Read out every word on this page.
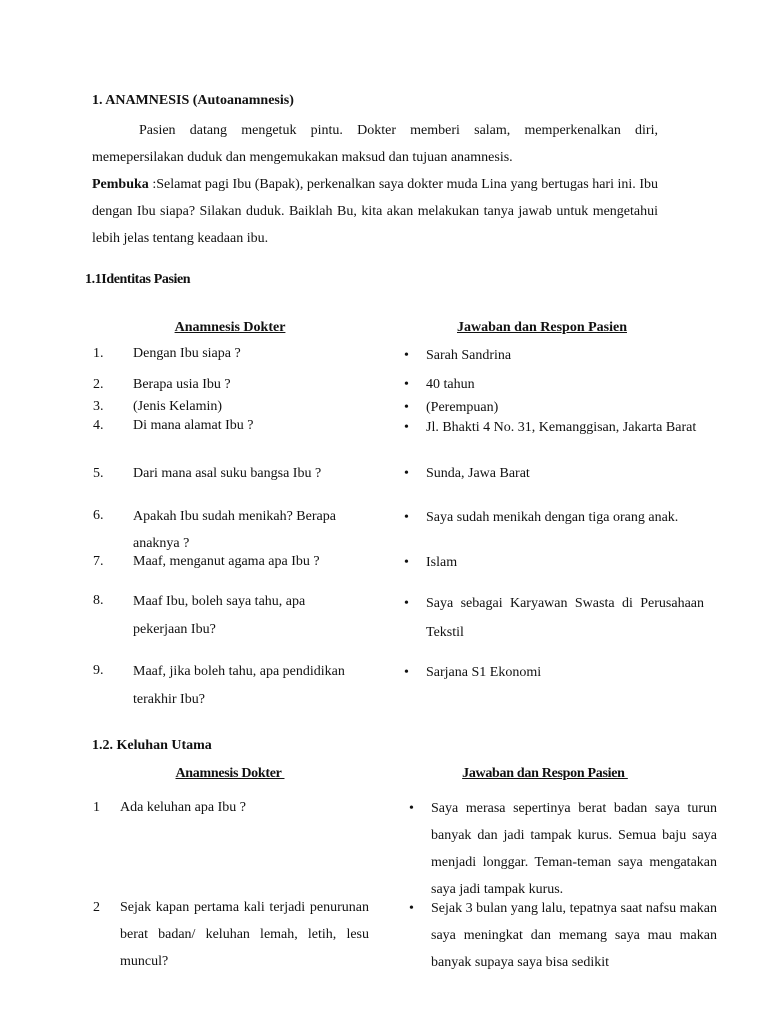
1. ANAMNESIS (Autoanamnesis)
Pasien datang mengetuk pintu. Dokter memberi salam, memperkenalkan diri, memepersilakan duduk dan mengemukakan maksud dan tujuan anamnesis.
Pembuka :Selamat pagi Ibu (Bapak), perkenalkan saya dokter muda Lina yang bertugas hari ini. Ibu dengan Ibu siapa? Silakan duduk. Baiklah Bu, kita akan melakukan tanya jawab untuk mengetahui lebih jelas tentang keadaan ibu.
1.1Identitas Pasien
Anamnesis Dokter	Jawaban dan Respon Pasien
1. Dengan Ibu siapa ?	• Sarah Sandrina
2. Berapa usia Ibu ?	• 40 tahun
3. (Jenis Kelamin)	• (Perempuan)
4. Di mana alamat Ibu ?	• Jl. Bhakti 4 No. 31, Kemanggisan, Jakarta Barat
5. Dari mana asal suku bangsa Ibu ?	• Sunda, Jawa Barat
6. Apakah Ibu sudah menikah? Berapa anaknya ?
• Saya sudah menikah dengan tiga orang anak.
7. Maaf, menganut agama apa Ibu ?	• Islam
8. Maaf Ibu, boleh saya tahu, apa pekerjaan Ibu?
• Saya sebagai Karyawan Swasta di Perusahaan Tekstil
9. Maaf, jika boleh tahu, apa pendidikan terakhir Ibu?
• Sarjana S1 Ekonomi
1.2. Keluhan Utama
Anamnesis Dokter	Jawaban dan Respon Pasien
1 Ada keluhan apa Ibu ?	• Saya merasa sepertinya berat badan saya turun banyak dan jadi tampak kurus. Semua baju saya menjadi longgar. Teman-teman saya mengatakan saya jadi tampak kurus.
2 Sejak kapan pertama kali terjadi penurunan berat badan/ keluhan lemah, letih, lesu muncul?
• Sejak 3 bulan yang lalu, tepatnya saat nafsu makan saya meningkat dan memang saya mau makan banyak supaya saya bisa sedikit
